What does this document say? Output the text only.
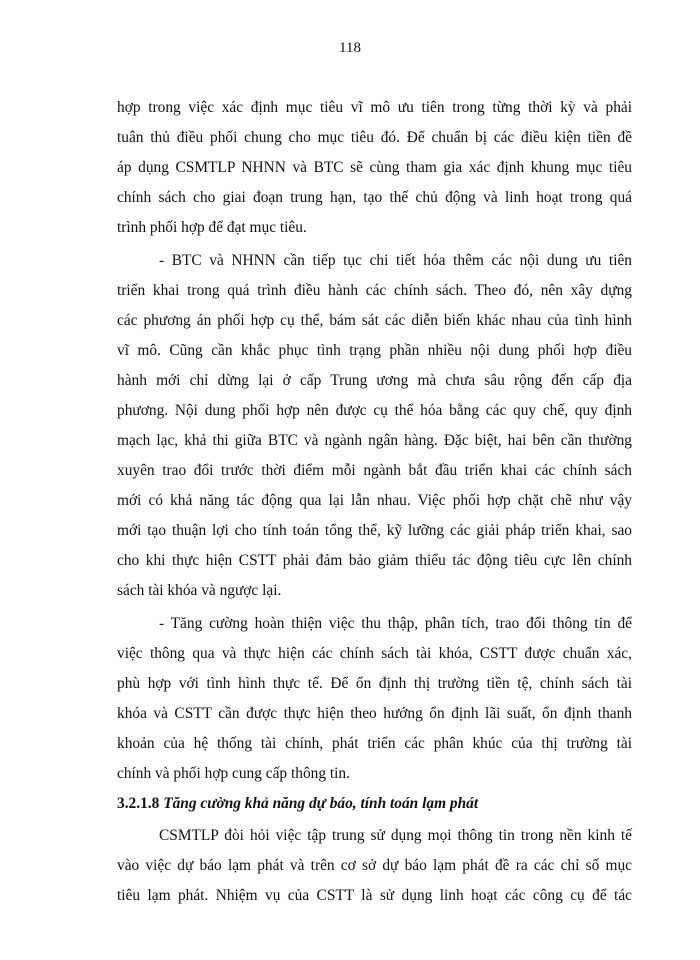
118
hợp trong việc xác định mục tiêu vĩ mô ưu tiên trong từng thời kỳ và phải
tuân thủ điều phối chung cho mục tiêu đó. Để chuẩn bị các điều kiện tiền đề
áp dụng CSMTLP NHNN và BTC sẽ cùng tham gia xác định khung mục tiêu
chính sách cho giai đoạn trung hạn, tạo thế chủ động và linh hoạt trong quá
trình phối hợp để đạt mục tiêu.
- BTC và NHNN cần tiếp tục chi tiết hóa thêm các nội dung ưu tiên
triển khai trong quá trình điều hành các chính sách. Theo đó, nên xây dựng
các phương án phối hợp cụ thể, bám sát các diễn biến khác nhau của tình hình
vĩ mô. Cũng cần khắc phục tình trạng phần nhiều nội dung phối hợp điều
hành mới chỉ dừng lại ở cấp Trung ương mà chưa sâu rộng đến cấp địa
phương. Nội dung phối hợp nên được cụ thể hóa bằng các quy chế, quy định
mạch lạc, khả thi giữa BTC và ngành ngân hàng. Đặc biệt, hai bên cần thường
xuyên trao đổi trước thời điểm mỗi ngành bắt đầu triển khai các chính sách
mới có khả năng tác động qua lại lẫn nhau. Việc phối hợp chặt chẽ như vậy
mới tạo thuận lợi cho tính toán tổng thể, kỹ lưỡng các giải pháp triển khai, sao
cho khi thực hiện CSTT phải đảm bảo giảm thiểu tác động tiêu cực lên chính
sách tài khóa và ngược lại.
- Tăng cường hoàn thiện việc thu thập, phân tích, trao đổi thông tin để
việc thông qua và thực hiện các chính sách tài khóa, CSTT được chuẩn xác,
phù hợp với tình hình thực tế. Để ổn định thị trường tiền tệ, chính sách tài
khóa và CSTT cần được thực hiện theo hướng ổn định lãi suất, ổn định thanh
khoản của hệ thống tài chính, phát triển các phân khúc của thị trường tài
chính và phối hợp cung cấp thông tin.
3.2.1.8 Tăng cường khả năng dự báo, tính toán lạm phát
CSMTLP đòi hỏi việc tập trung sử dụng mọi thông tin trong nền kinh tế
vào việc dự báo lạm phát và trên cơ sở dự báo lạm phát đề ra các chỉ số mục
tiêu lạm phát. Nhiệm vụ của CSTT là sử dụng linh hoạt các công cụ để tác
